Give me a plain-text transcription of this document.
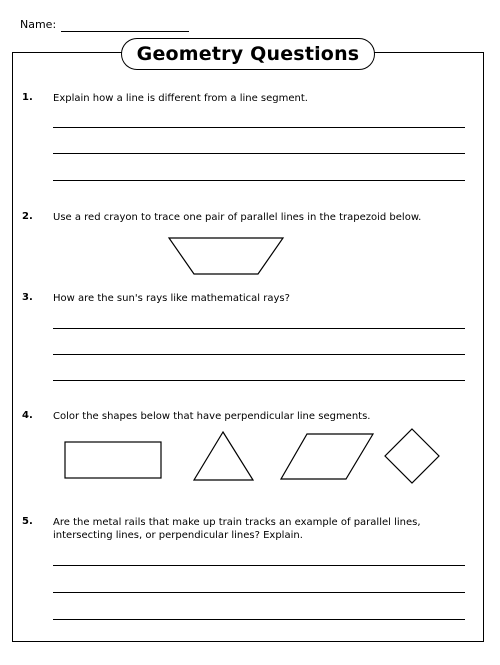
Name:
Geometry Questions
1. Explain how a line is different from a line segment.
2. Use a red crayon to trace one pair of parallel lines in the trapezoid below.
3. How are the sun's rays like mathematical rays?
4. Color the shapes below that have perpendicular line segments.
5. Are the metal rails that make up train tracks an example of parallel lines, intersecting lines, or perpendicular lines? Explain.
